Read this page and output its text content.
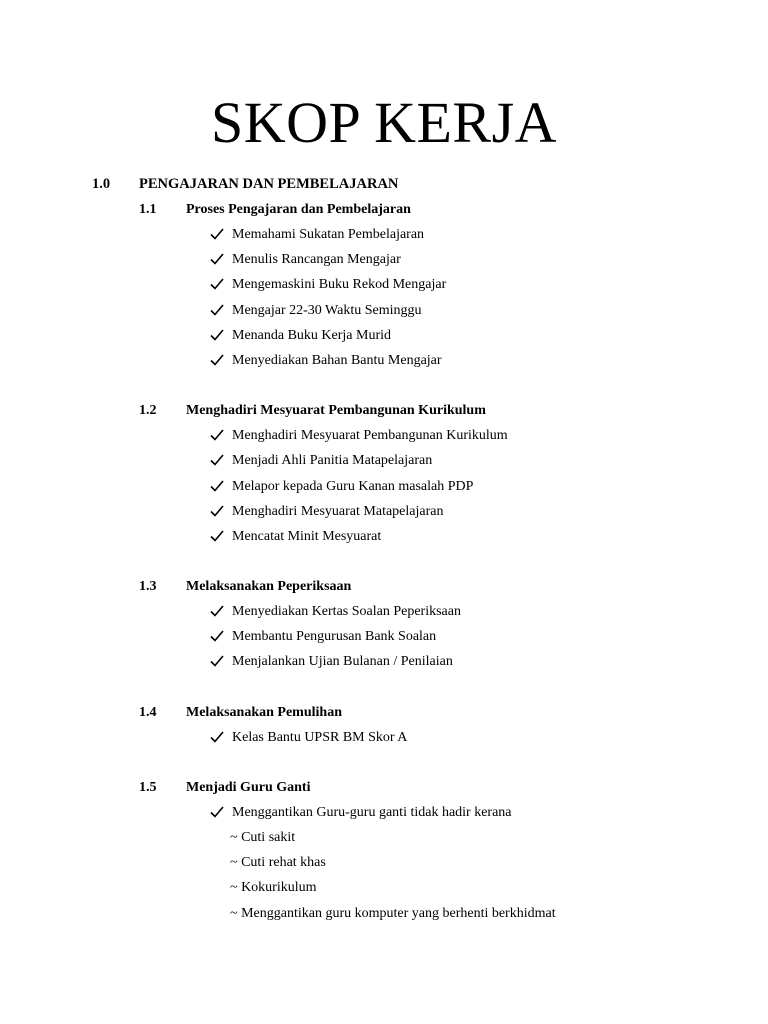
SKOP KERJA
1.0 PENGAJARAN DAN PEMBELAJARAN
1.1 Proses Pengajaran dan Pembelajaran
Memahami Sukatan Pembelajaran
Menulis Rancangan Mengajar
Mengemaskini Buku Rekod Mengajar
Mengajar 22-30 Waktu Seminggu
Menanda Buku Kerja Murid
Menyediakan Bahan Bantu Mengajar
1.2 Menghadiri Mesyuarat Pembangunan Kurikulum
Menghadiri Mesyuarat Pembangunan Kurikulum
Menjadi Ahli Panitia Matapelajaran
Melapor kepada Guru Kanan masalah PDP
Menghadiri Mesyuarat Matapelajaran
Mencatat Minit Mesyuarat
1.3 Melaksanakan Peperiksaan
Menyediakan Kertas Soalan Peperiksaan
Membantu Pengurusan Bank Soalan
Menjalankan Ujian Bulanan / Penilaian
1.4 Melaksanakan Pemulihan
Kelas Bantu UPSR BM Skor A
1.5 Menjadi Guru Ganti
Menggantikan Guru-guru ganti tidak hadir kerana
~ Cuti sakit
~ Cuti rehat khas
~ Kokurikulum
~ Menggantikan guru komputer yang berhenti berkhidmat
